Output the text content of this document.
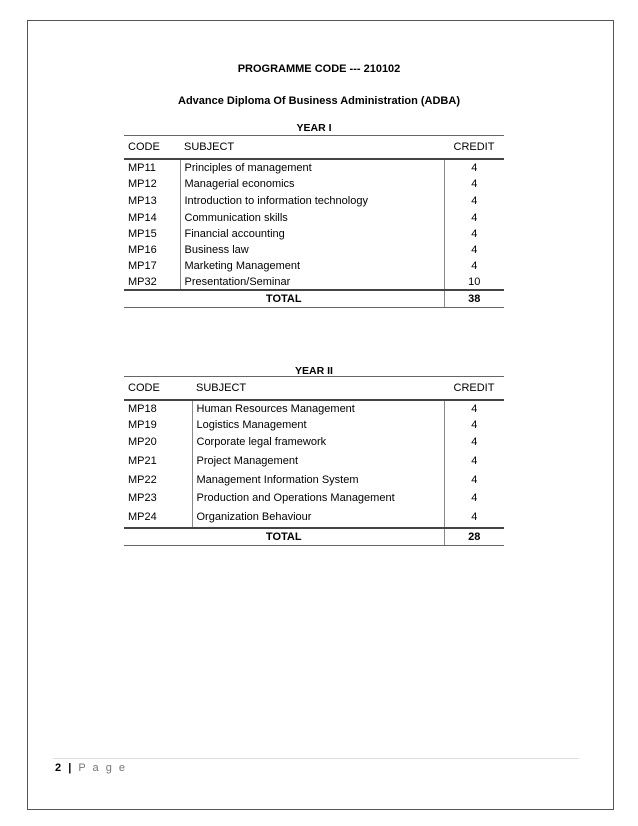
PROGRAMME CODE --- 210102
Advance Diploma Of Business Administration (ADBA)
YEAR I
CODE	SUBJECT	CREDIT
MP11	Principles of management	4
MP12	Managerial economics	4
MP13	Introduction to information technology	4
MP14	Communication skills	4
MP15	Financial accounting	4
MP16	Business law	4
MP17	Marketing Management	4
MP32	Presentation/Seminar	10
TOTAL		38
YEAR II
CODE	SUBJECT	CREDIT
MP18	Human Resources Management	4
MP19	Logistics Management	4
MP20	Corporate legal framework	4
MP21	Project Management	4
MP22	Management Information System	4
MP23	Production and Operations Management	4
MP24	Organization Behaviour	4
TOTAL		28
2 | P a g e
